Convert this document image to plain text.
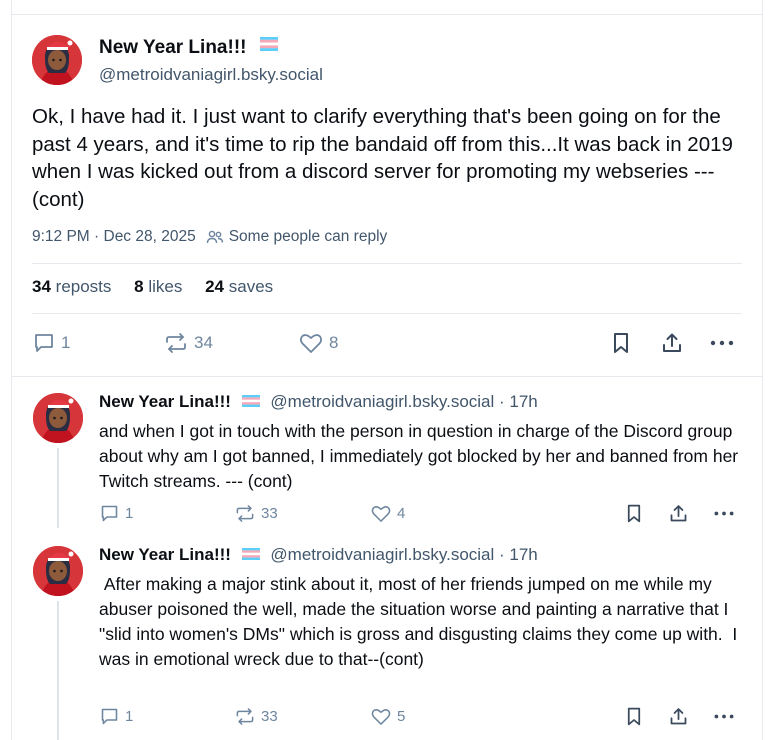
New Year Lina!!!
@metroidvaniagirl.bsky.social
Ok, I have had it. I just want to clarify everything that's been going on for the past 4 years, and it's time to rip the bandaid off from this...It was back in 2019 when I was kicked out from a discord server for promoting my webseries ---(cont)
9:12 PM · Dec 28, 2025 Some people can reply
34 reposts 8 likes 24 saves
1	34	8
New Year Lina!!! @metroidvaniagirl.bsky.social · 17h
and when I got in touch with the person in question in charge of the Discord group about why am I got banned, I immediately got blocked by her and banned from her Twitch streams. --- (cont)
1	33	4
New Year Lina!!! @metroidvaniagirl.bsky.social · 17h
After making a major stink about it, most of her friends jumped on me while my abuser poisoned the well, made the situation worse and painting a narrative that I "slid into women's DMs" which is gross and disgusting claims they come up with.  I was in emotional wreck due to that--(cont)
1	33	5
